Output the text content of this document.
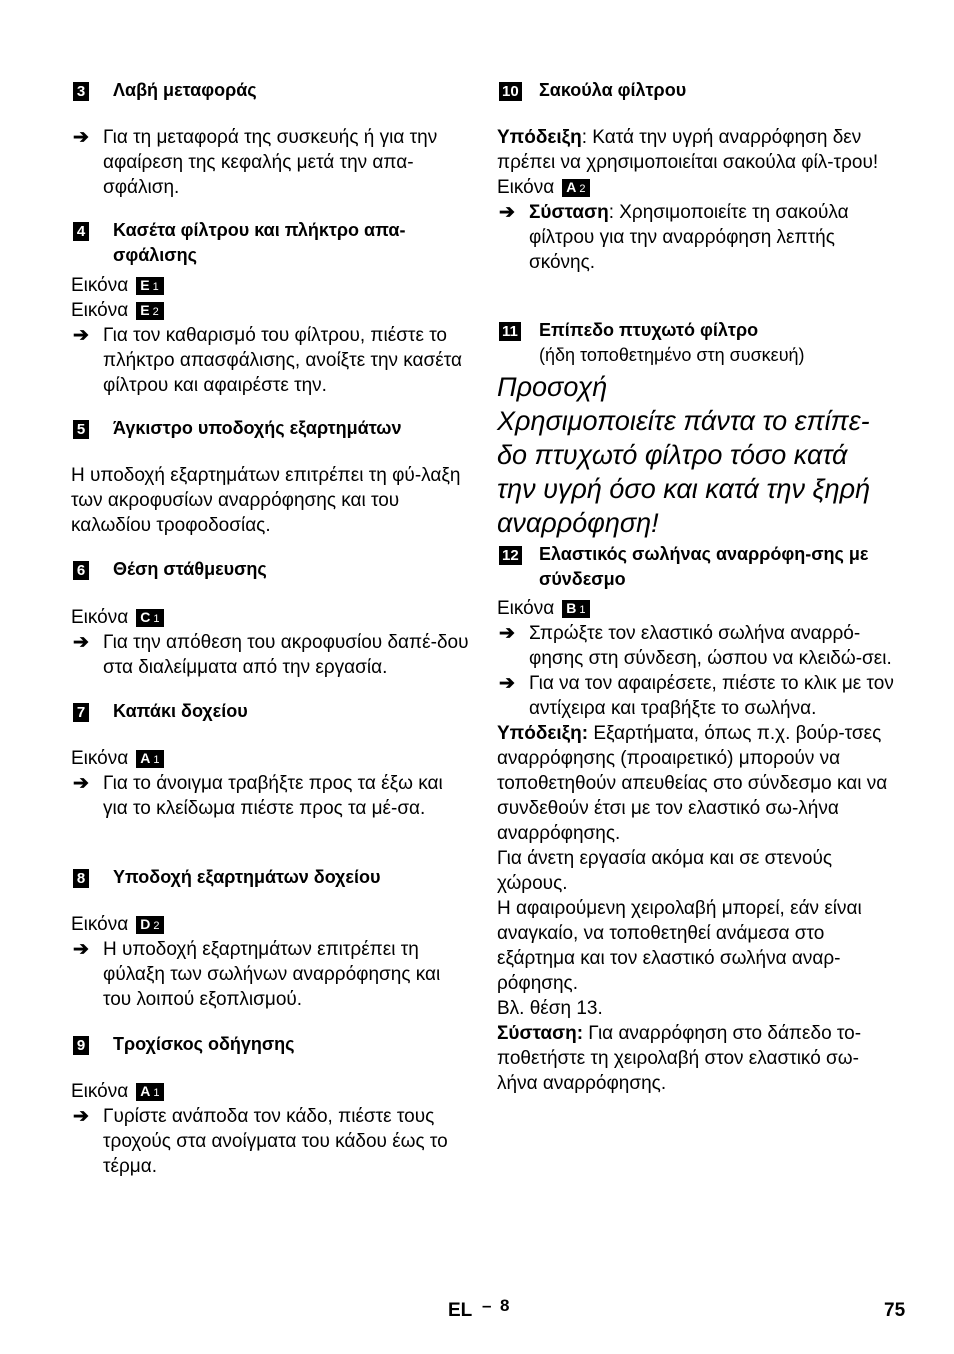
3 Λαβή μεταφοράς
➔ Για τη μεταφορά της συσκευής ή για την αφαίρεση της κεφαλής μετά την απα-σφάλιση.
4 Κασέτα φίλτρου και πλήκτρο απα-σφάλισης
Εικόνα E 1
Εικόνα E 2
➔ Για τον καθαρισμό του φίλτρου, πιέστε το πλήκτρο απασφάλισης, ανοίξτε την κασέτα φίλτρου και αφαιρέστε την.
5 Άγκιστρο υποδοχής εξαρτημάτων

Η υποδοχή εξαρτημάτων επιτρέπει τη φύ-λαξη των ακροφυσίων αναρρόφησης και του καλωδίου τροφοδοσίας.

6 Θέση στάθμευσης
Εικόνα C 1
➔ Για την απόθεση του ακροφυσίου δαπέ-δου στα διαλείμματα από την εργασία.
7 Καπάκι δοχείου
Εικόνα A 1
➔ Για το άνοιγμα τραβήξτε προς τα έξω και για το κλείδωμα πιέστε προς τα μέ-σα.
8 Υποδοχή εξαρτημάτων δοχείου
Εικόνα D 2
➔ Η υποδοχή εξαρτημάτων επιτρέπει τη φύλαξη των σωλήνων αναρρόφησης και του λοιπού εξοπλισμού.
9 Τροχίσκος οδήγησης
Εικόνα A 1
➔ Γυρίστε ανάποδα τον κάδο, πιέστε τους τροχούς στα ανοίγματα του κάδου έως το τέρμα.
10 Σακούλα φίλτρου

Υπόδειξη: Κατά την υγρή αναρρόφηση δεν πρέπει να χρησιμοποιείται σακούλα φίλ-τρου!

Εικόνα A 2
➔ Σύσταση: Χρησιμοποιείτε τη σακούλα φίλτρου για την αναρρόφηση λεπτής σκόνης.
11 Επίπεδο πτυχωτό φίλτρο
(ήδη τοποθετημένο στη συσκευή)
Προσοχή
Χρησιμοποιείτε πάντα το επίπε-δο πτυχωτό φίλτρο τόσο κατά την υγρή όσο και κατά την ξηρή αναρρόφηση!
12 Ελαστικός σωλήνας αναρρόφη-σης με σύνδεσμο
Εικόνα B 1
➔ Σπρώξτε τον ελαστικό σωλήνα αναρρό-φησης στη σύνδεση, ώσπου να κλειδώ-σει.
➔ Για να τον αφαιρέσετε, πιέστε το κλικ με τον αντίχειρα και τραβήξτε το σωλήνα.

Υπόδειξη: Εξαρτήματα, όπως π.χ. βούρ-τσες αναρρόφησης (προαιρετικό) μπορούν να τοποθετηθούν απευθείας στο σύνδεσμο και να συνδεθούν έτσι με τον ελαστικό σω-λήνα αναρρόφησης.

Για άνετη εργασία ακόμα και σε στενούς χώρους.

Η αφαιρούμενη χειρολαβή μπορεί, εάν είναι αναγκαίο, να τοποθετηθεί ανάμεσα στο εξάρτημα και τον ελαστικό σωλήνα αναρ-ρόφησης.

Βλ. θέση 13.

Σύσταση: Για αναρρόφηση στο δάπεδο το-ποθετήστε τη χειρολαβή στον ελαστικό σω-λήνα αναρρόφησης.

EL – 8	75
